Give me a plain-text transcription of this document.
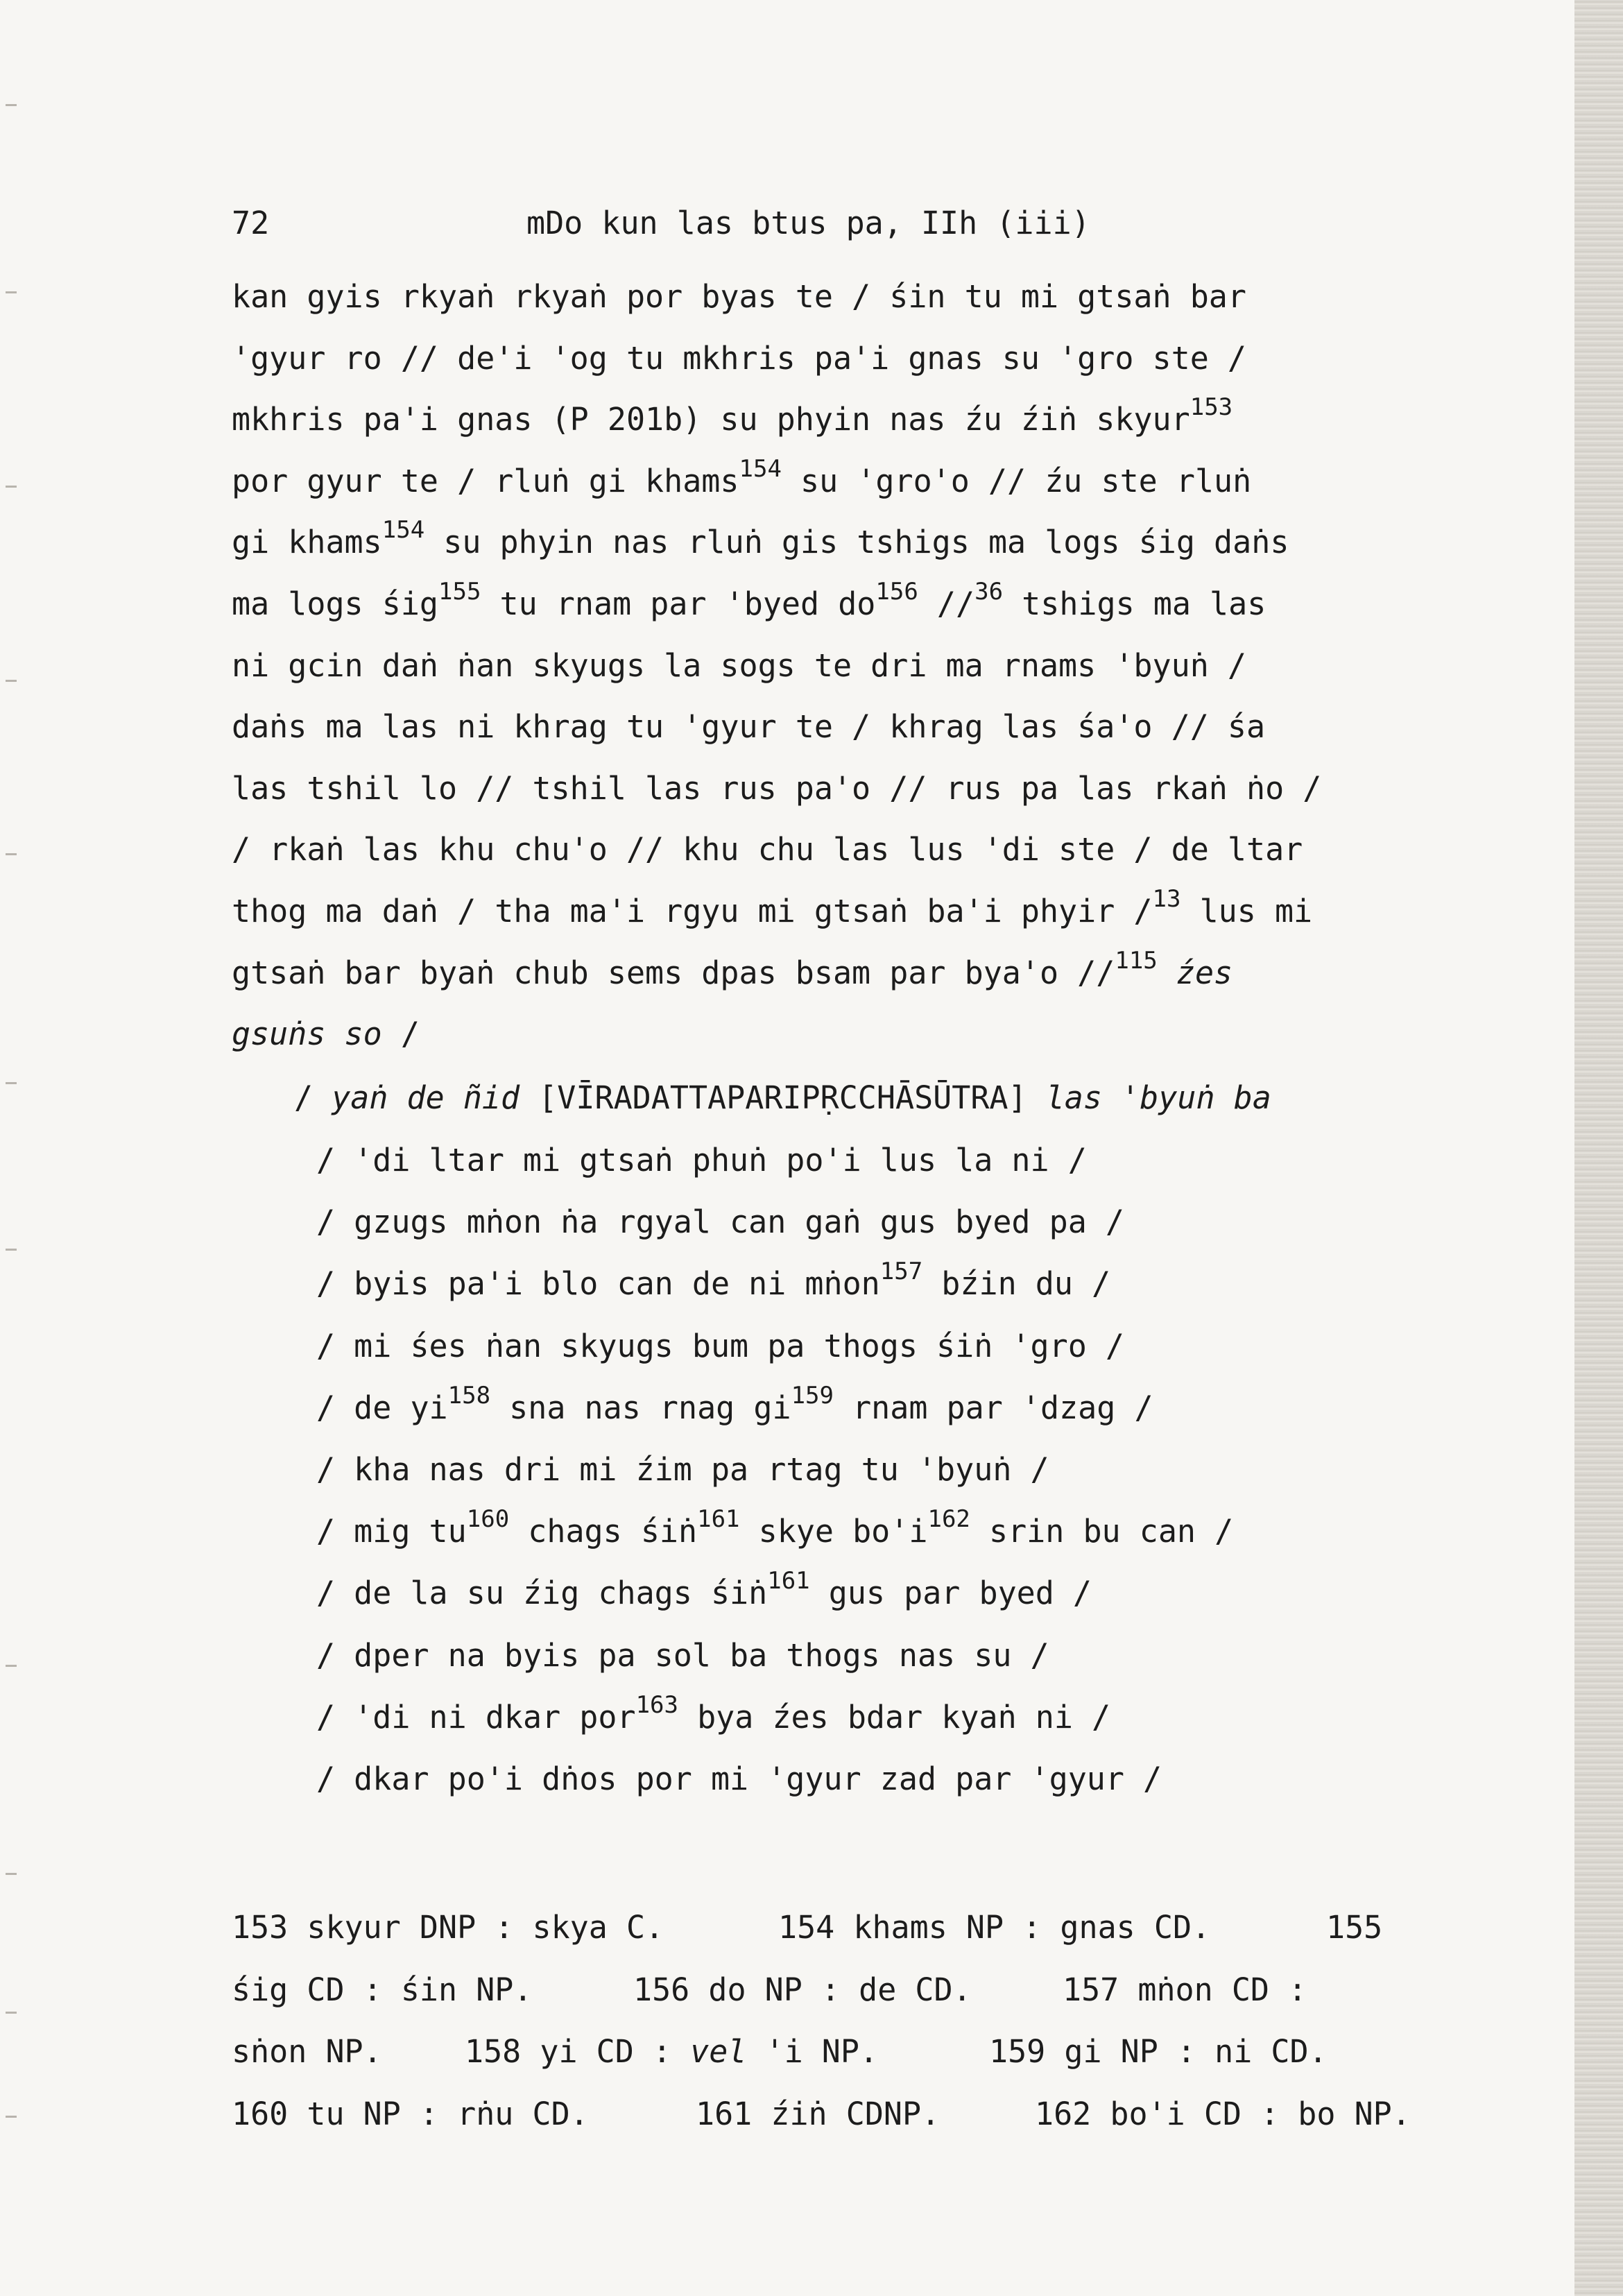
72

	mDo kun las btus pa, IIh (iii)

kan gyis rkyaṅ rkyaṅ por byas te / śin tu mi gtsaṅ bar
'gyur ro // de'i 'og tu mkhris pa'i gnas su 'gro ste /
mkhris pa'i gnas (P 201b) su phyin nas źu źiṅ skyur$^{153}$
por gyur te / rluṅ gi khams$^{154}$ su 'gro'o // źu ste rluṅ
gi khams$^{154}$ su phyin nas rluṅ gis tshigs ma logs śig daṅs
ma logs śig$^{155}$ tu rnam par 'byed $do^{156}$ //$^{36}$ tshigs ma las
ni gcin daṅ ṅan skyugs la sogs te dri ma rnams 'byuṅ /
daṅs ma las ni khrag tu 'gyur te / khrag las śa'o // śa
las tshil lo // tshil las rus pa'o // rus pa las rkaṅ ṅo /
/ rkaṅ las khu chu'o // khu chu las lus 'di ste / de ltar
thog ma daṅ / tha ma'i rgyu mi gtsaṅ ba'i phyir /$^{13}$ lus mi
gtsaṅ bar byaṅ chub sems dpas bsam par bya'o //$^{115}$ źes
gsuṅs so /
/ yaṅ de ñid [VĪRADATTAPARIPṚCCHĀSŪTRA] las 'byuṅ ba
/ 'di ltar mi gtsaṅ phuṅ po'i lus la ni /
/ gzugs mṅon ṅa rgyal can gaṅ gus byed pa /
/ byis pa'i blo can de ni mṅon$^{157}$ bźin du /
/ mi śes ṅan skyugs bum pa thogs śiṅ 'gro /
/ de $yi^{158}$ sna nas rnag $gi^{159}$ rnam par 'dzag /
/ kha nas dri mi źim pa rtag tu 'byuṅ /
/ mig $tu^{160}$ chags śiṅ$^{161}$ skye $bo'i^{162}$ srin bu can /
/ de la su źig chags śiṅ$^{161}$ gus par byed /
/ dper na byis pa sol ba thogs nas su /
/ 'di ni dkar por$^{163}$ bya źes bdar kyaṅ ni /
/ dkar po'i dṅos por mi 'gyur zad par 'gyur /
153 skyur DNP : skya C.	154 khams NP : gnas CD.	155
śig CD : śin NP.	156 do NP : de CD.	157 mṅon CD :
sṅon NP.	158 yi CD : vel 'i NP.	159 gi NP : ni CD.
160 tu NP : rṅu CD.	161 źiṅ CDNP.	162 bo'i CD : bo NP.
